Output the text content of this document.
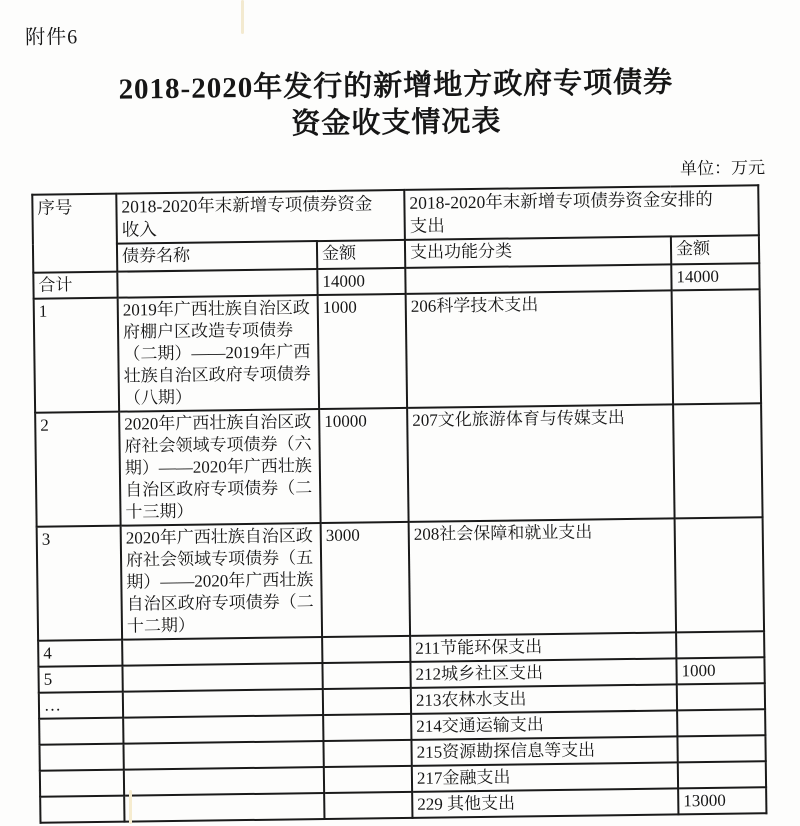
附件6
2018-2020年发行的新增地方政府专项债券
资金收支情况表
单位：万元
序号	2018-2020年末新增专项债券资金
收入		2018-2020年末新增专项债券资金安排的
支出	
	债券名称	金额	支出功能分类	金额
合计		14000		14000
1	2019年广西壮族自治区政府棚户区改造专项债券（二期）——2019年广西壮族自治区政府专项债券（八期）	1000	206科学技术支出	
2	2020年广西壮族自治区政府社会领域专项债券（六期）——2020年广西壮族自治区政府专项债券（二十三期）	10000	207文化旅游体育与传媒支出	
3	2020年广西壮族自治区政府社会领域专项债券（五期）——2020年广西壮族自治区政府专项债券（二十二期）	3000	208社会保障和就业支出	
4			211节能环保支出	
5			212城乡社区支出	1000
…			213农林水支出	
			214交通运输支出	
			215资源勘探信息等支出	
			217金融支出	
			229 其他支出	13000
